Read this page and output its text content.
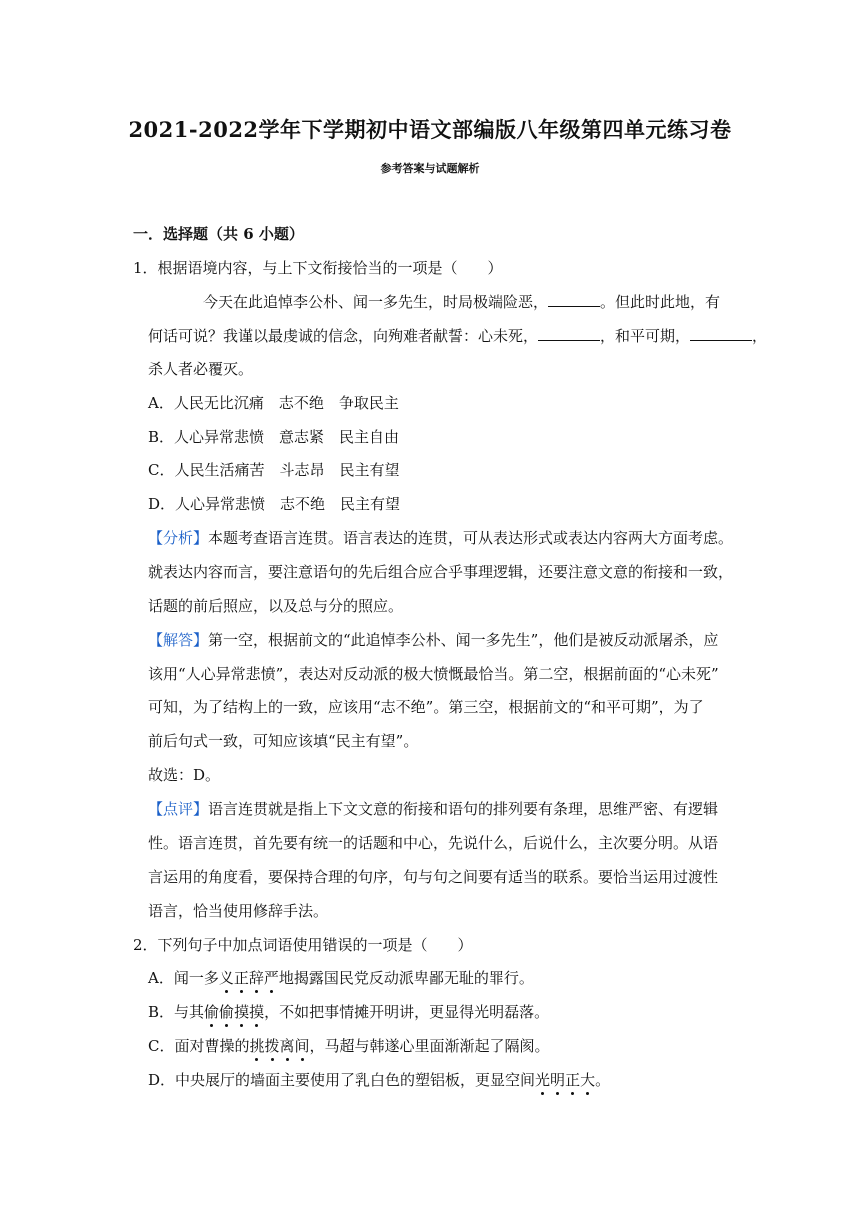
2021-2022学年下学期初中语文部编版八年级第四单元练习卷
参考答案与试题解析
一．选择题（共 6 小题）
1．根据语境内容，与上下文衔接恰当的一项是（　　）
今天在此追悼李公朴、闻一多先生，时局极端险恶，	。但此时此地，有
何话可说？我谨以最虔诚的信念，向殉难者献誓：心未死，	，和平可期，	，
杀人者必覆灭。
A．人民无比沉痛　志不绝　争取民主
B．人心异常悲愤　意志紧　民主自由
C．人民生活痛苦　斗志昂　民主有望
D．人心异常悲愤　志不绝　民主有望
【分析】本题考查语言连贯。语言表达的连贯，可从表达形式或表达内容两大方面考虑。
就表达内容而言，要注意语句的先后组合应合乎事理逻辑，还要注意文意的衔接和一致，
话题的前后照应，以及总与分的照应。
【解答】第一空，根据前文的“此追悼李公朴、闻一多先生”，他们是被反动派屠杀，应
该用“人心异常悲愤”，表达对反动派的极大愤慨最恰当。第二空，根据前面的“心未死”
可知，为了结构上的一致，应该用“志不绝”。第三空，根据前文的“和平可期”，为了
前后句式一致，可知应该填“民主有望”。
故选：D。
【点评】语言连贯就是指上下文文意的衔接和语句的排列要有条理，思维严密、有逻辑
性。语言连贯，首先要有统一的话题和中心，先说什么，后说什么，主次要分明。从语
言运用的角度看，要保持合理的句序，句与句之间要有适当的联系。要恰当运用过渡性
语言，恰当使用修辞手法。
2．下列句子中加点词语使用错误的一项是（　　）
A．闻一多义正辞严地揭露国民党反动派卑鄙无耻的罪行。
B．与其偷偷摸摸，不如把事情摊开明讲，更显得光明磊落。
C．面对曹操的挑拨离间，马超与韩遂心里面渐渐起了隔阂。
D．中央展厅的墙面主要使用了乳白色的塑铝板，更显空间光明正大。
